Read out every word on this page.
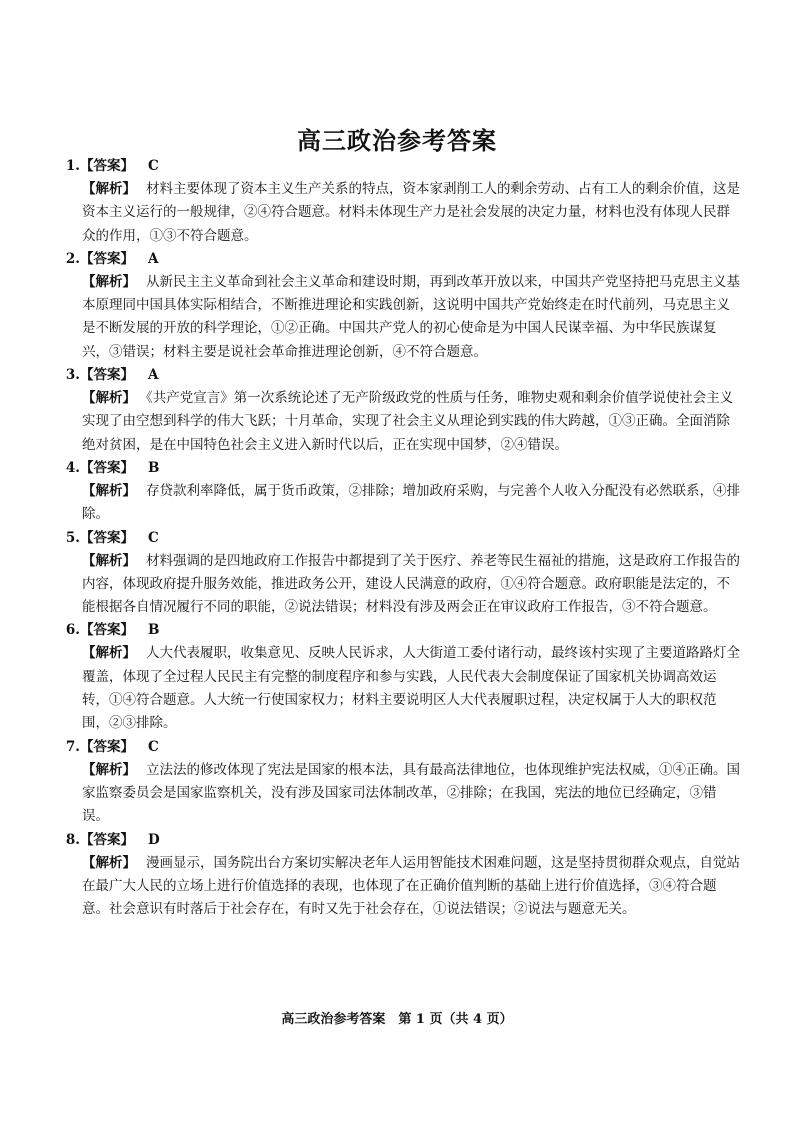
高三政治参考答案
1.【答案】 C
【解析】 材料主要体现了资本主义生产关系的特点，资本家剥削工人的剩余劳动、占有工人的剩余价值，这是资本主义运行的一般规律，②④符合题意。材料未体现生产力是社会发展的决定力量，材料也没有体现人民群众的作用，①③不符合题意。
2.【答案】 A
【解析】 从新民主主义革命到社会主义革命和建设时期，再到改革开放以来，中国共产党坚持把马克思主义基本原理同中国具体实际相结合，不断推进理论和实践创新，这说明中国共产党始终走在时代前列，马克思主义是不断发展的开放的科学理论，①②正确。中国共产党人的初心使命是为中国人民谋幸福、为中华民族谋复兴，③错误；材料主要是说社会革命推进理论创新，④不符合题意。
3.【答案】 A
【解析】 《共产党宣言》第一次系统论述了无产阶级政党的性质与任务，唯物史观和剩余价值学说使社会主义实现了由空想到科学的伟大飞跃；十月革命，实现了社会主义从理论到实践的伟大跨越，①③正确。全面消除绝对贫困，是在中国特色社会主义进入新时代以后，正在实现中国梦，②④错误。
4.【答案】 B
【解析】 存贷款利率降低，属于货币政策，②排除；增加政府采购，与完善个人收入分配没有必然联系，④排除。
5.【答案】 C
【解析】 材料强调的是四地政府工作报告中都提到了关于医疗、养老等民生福祉的措施，这是政府工作报告的内容，体现政府提升服务效能，推进政务公开，建设人民满意的政府，①④符合题意。政府职能是法定的，不能根据各自情况履行不同的职能，②说法错误；材料没有涉及两会正在审议政府工作报告，③不符合题意。
6.【答案】 B
【解析】 人大代表履职，收集意见、反映人民诉求，人大街道工委付诸行动，最终该村实现了主要道路路灯全覆盖，体现了全过程人民民主有完整的制度程序和参与实践，人民代表大会制度保证了国家机关协调高效运转，①④符合题意。人大统一行使国家权力；材料主要说明区人大代表履职过程，决定权属于人大的职权范围，②③排除。
7.【答案】 C
【解析】 立法法的修改体现了宪法是国家的根本法，具有最高法律地位，也体现维护宪法权威，①④正确。国家监察委员会是国家监察机关，没有涉及国家司法体制改革，②排除；在我国，宪法的地位已经确定，③错误。
8.【答案】 D
【解析】 漫画显示，国务院出台方案切实解决老年人运用智能技术困难问题，这是坚持贯彻群众观点，自觉站在最广大人民的立场上进行价值选择的表现，也体现了在正确价值判断的基础上进行价值选择，③④符合题意。社会意识有时落后于社会存在，有时又先于社会存在，①说法错误；②说法与题意无关。
高三政治参考答案　第 1 页（共 4 页）
